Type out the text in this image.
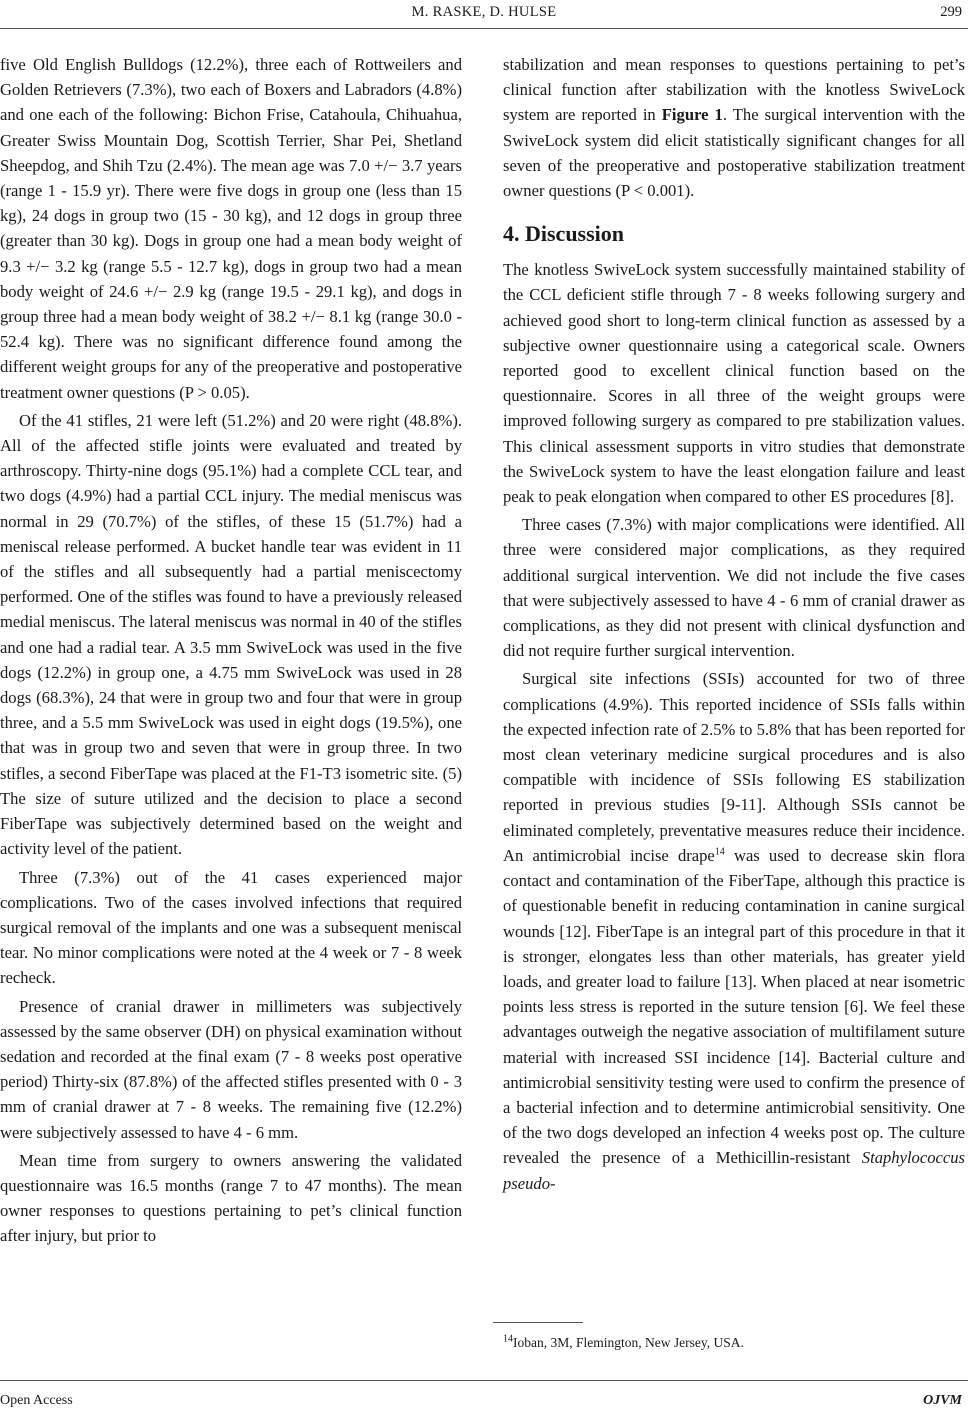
M. RASKE, D. HULSE	299

five Old English Bulldogs (12.2%), three each of Rottweilers and Golden Retrievers (7.3%), two each of Boxers and Labradors (4.8%) and one each of the following: Bichon Frise, Catahoula, Chihuahua, Greater Swiss Mountain Dog, Scottish Terrier, Shar Pei, Shetland Sheepdog, and Shih Tzu (2.4%). The mean age was 7.0 +/− 3.7 years (range 1 - 15.9 yr). There were five dogs in group one (less than 15 kg), 24 dogs in group two (15 - 30 kg), and 12 dogs in group three (greater than 30 kg). Dogs in group one had a mean body weight of 9.3 +/− 3.2 kg (range 5.5 - 12.7 kg), dogs in group two had a mean body weight of 24.6 +/− 2.9 kg (range 19.5 - 29.1 kg), and dogs in group three had a mean body weight of 38.2 +/− 8.1 kg (range 30.0 - 52.4 kg). There was no significant difference found among the different weight groups for any of the preoperative and postoperative treatment owner questions (P > 0.05).

Of the 41 stifles, 21 were left (51.2%) and 20 were right (48.8%). All of the affected stifle joints were evaluated and treated by arthroscopy. Thirty-nine dogs (95.1%) had a complete CCL tear, and two dogs (4.9%) had a partial CCL injury. The medial meniscus was normal in 29 (70.7%) of the stifles, of these 15 (51.7%) had a meniscal release performed. A bucket handle tear was evident in 11 of the stifles and all subsequently had a partial meniscectomy performed. One of the stifles was found to have a previously released medial meniscus. The lateral meniscus was normal in 40 of the stifles and one had a radial tear. A 3.5 mm SwiveLock was used in the five dogs (12.2%) in group one, a 4.75 mm SwiveLock was used in 28 dogs (68.3%), 24 that were in group two and four that were in group three, and a 5.5 mm SwiveLock was used in eight dogs (19.5%), one that was in group two and seven that were in group three. In two stifles, a second FiberTape was placed at the F1-T3 isometric site. (5) The size of suture utilized and the decision to place a second FiberTape was subjectively determined based on the weight and activity level of the patient.

Three (7.3%) out of the 41 cases experienced major complications. Two of the cases involved infections that required surgical removal of the implants and one was a subsequent meniscal tear. No minor complications were noted at the 4 week or 7 - 8 week recheck.

Presence of cranial drawer in millimeters was subjectively assessed by the same observer (DH) on physical examination without sedation and recorded at the final exam (7 - 8 weeks post operative period) Thirty-six (87.8%) of the affected stifles presented with 0 - 3 mm of cranial drawer at 7 - 8 weeks. The remaining five (12.2%) were subjectively assessed to have 4 - 6 mm.

Mean time from surgery to owners answering the validated questionnaire was 16.5 months (range 7 to 47 months). The mean owner responses to questions pertaining to pet’s clinical function after injury, but prior to

stabilization and mean responses to questions pertaining to pet’s clinical function after stabilization with the knotless SwiveLock system are reported in Figure 1. The surgical intervention with the SwiveLock system did elicit statistically significant changes for all seven of the preoperative and postoperative stabilization treatment owner questions (P < 0.001).

4. Discussion

The knotless SwiveLock system successfully maintained stability of the CCL deficient stifle through 7 - 8 weeks following surgery and achieved good short to long-term clinical function as assessed by a subjective owner questionnaire using a categorical scale. Owners reported good to excellent clinical function based on the questionnaire. Scores in all three of the weight groups were improved following surgery as compared to pre stabilization values. This clinical assessment supports in vitro studies that demonstrate the SwiveLock system to have the least elongation failure and least peak to peak elongation when compared to other ES procedures [8].

Three cases (7.3%) with major complications were identified. All three were considered major complications, as they required additional surgical intervention. We did not include the five cases that were subjectively assessed to have 4 - 6 mm of cranial drawer as complications, as they did not present with clinical dysfunction and did not require further surgical intervention.

Surgical site infections (SSIs) accounted for two of three complications (4.9%). This reported incidence of SSIs falls within the expected infection rate of 2.5% to 5.8% that has been reported for most clean veterinary medicine surgical procedures and is also compatible with incidence of SSIs following ES stabilization reported in previous studies [9-11]. Although SSIs cannot be eliminated completely, preventative measures reduce their incidence. An antimicrobial incise drape$^{14}$ was used to decrease skin flora contact and contamination of the FiberTape, although this practice is of questionable benefit in reducing contamination in canine surgical wounds [12]. FiberTape is an integral part of this procedure in that it is stronger, elongates less than other materials, has greater yield loads, and greater load to failure [13]. When placed at near isometric points less stress is reported in the suture tension [6]. We feel these advantages outweigh the negative association of multifilament suture material with increased SSI incidence [14]. Bacterial culture and antimicrobial sensitivity testing were used to confirm the presence of a bacterial infection and to determine antimicrobial sensitivity. One of the two dogs developed an infection 4 weeks post op. The culture revealed the presence of a Methicillin-resistant Staphylococcus pseudo-

$^{14}$Ioban, 3M, Flemington, New Jersey, USA.
Open Access	OJVM
